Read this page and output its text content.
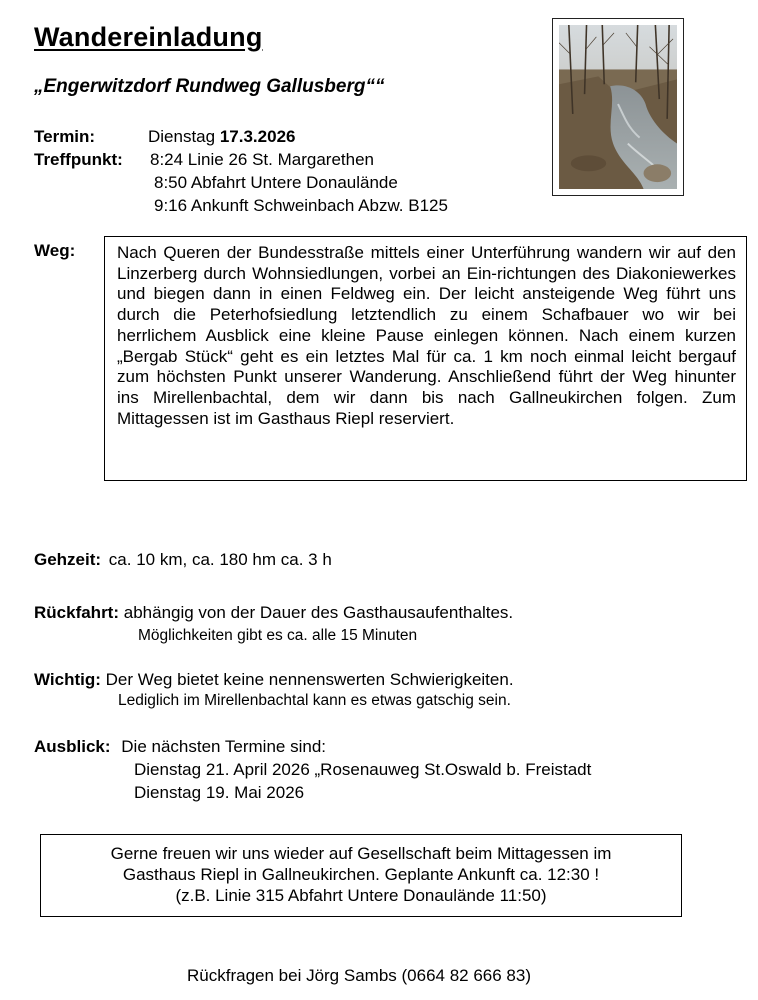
Wandereinladung
„Engerwitzdorf Rundweg Gallusberg““
Termin:	Dienstag 17.3.2026
Treffpunkt: 8:24 Linie 26 St. Margarethen
8:50 Abfahrt Untere Donaulände
9:16 Ankunft Schweinbach Abzw. B125
Weg:	Nach Queren der Bundesstraße mittels einer Unterführung wandern wir auf den Linzerberg durch Wohnsiedlungen, vorbei an Ein-richtungen des Diakoniewerkes und biegen dann in einen Feldweg ein. Der leicht ansteigende Weg führt uns durch die Peterhofsiedlung letztendlich zu einem Schafbauer wo wir bei herrlichem Ausblick eine kleine Pause einlegen können. Nach einem kurzen „Bergab Stück“ geht es ein letztes Mal für ca. 1 km noch einmal leicht bergauf zum höchsten Punkt unserer Wanderung. Anschließend führt der Weg hinunter ins Mirellenbachtal, dem wir dann bis nach Gallneukirchen folgen. Zum Mittagessen ist im Gasthaus Riepl reserviert.
Gehzeit: ca. 10 km, ca. 180 hm ca. 3 h
Rückfahrt: abhängig von der Dauer des Gasthausaufenthaltes.
Möglichkeiten gibt es ca. alle 15 Minuten
Wichtig: Der Weg bietet keine nennenswerten Schwierigkeiten.
Lediglich im Mirellenbachtal kann es etwas gatschig sein.
Ausblick: Die nächsten Termine sind:
Dienstag 21. April 2026 „Rosenauweg St.Oswald b. Freistadt
Dienstag 19. Mai 2026
Gerne freuen wir uns wieder auf Gesellschaft beim Mittagessen im
Gasthaus Riepl in Gallneukirchen. Geplante Ankunft ca. 12:30 !
(z.B. Linie 315 Abfahrt Untere Donaulände 11:50)
Rückfragen bei Jörg Sambs (0664 82 666 83)
